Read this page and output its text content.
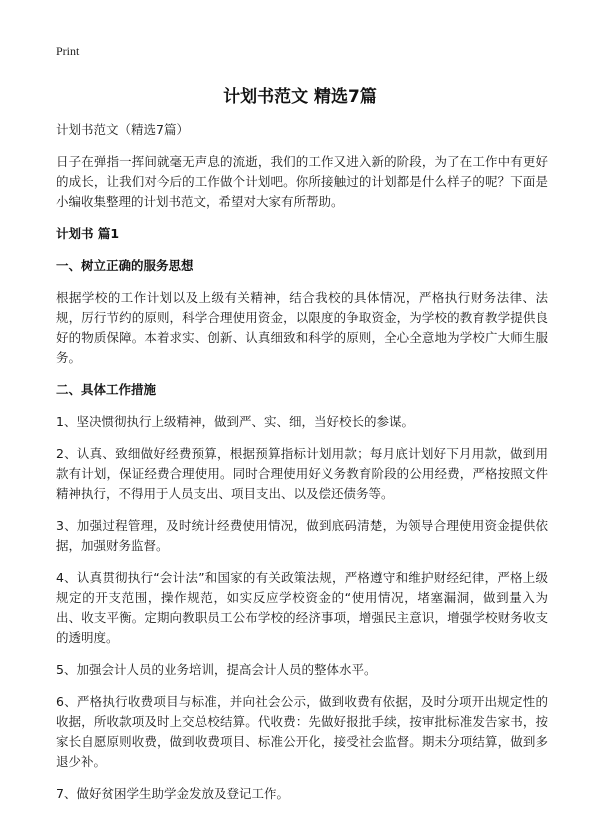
Print
计划书范文 精选7篇
计划书范文（精选7篇）

日子在弹指一挥间就毫无声息的流逝，我们的工作又进入新的阶段，为了在工作中有更好的成长，让我们对今后的工作做个计划吧。你所接触过的计划都是什么样子的呢？下面是小编收集整理的计划书范文，希望对大家有所帮助。

计划书 篇1
一、树立正确的服务思想

根据学校的工作计划以及上级有关精神，结合我校的具体情况，严格执行财务法律、法规，厉行节约的原则，科学合理使用资金，以限度的争取资金，为学校的教育教学提供良好的物质保障。本着求实、创新、认真细致和科学的原则，全心全意地为学校广大师生服务。

二、具体工作措施

1、坚决惯彻执行上级精神，做到严、实、细，当好校长的参谋。

2、认真、致细做好经费预算，根据预算指标计划用款；每月底计划好下月用款，做到用款有计划，保证经费合理使用。同时合理使用好义务教育阶段的公用经费，严格按照文件精神执行，不得用于人员支出、项目支出、以及偿还债务等。

3、加强过程管理，及时统计经费使用情况，做到底码清楚，为领导合理使用资金提供依据，加强财务监督。

4、认真贯彻执行“会计法”和国家的有关政策法规，严格遵守和维护财经纪律，严格上级规定的开支范围，操作规范，如实反应学校资金的“使用情况，堵塞漏洞，做到量入为出、收支平衡。定期向教职员工公布学校的经济事项，增强民主意识，增强学校财务收支的透明度。

5、加强会计人员的业务培训，提高会计人员的整体水平。

6、严格执行收费项目与标准，并向社会公示，做到收费有依据，及时分项开出规定性的收据，所收款项及时上交总校结算。代收费：先做好报批手续，按审批标准发告家书，按家长自愿原则收费，做到收费项目、标准公开化，接受社会监督。期未分项结算，做到多退少补。

7、做好贫困学生助学金发放及登记工作。
